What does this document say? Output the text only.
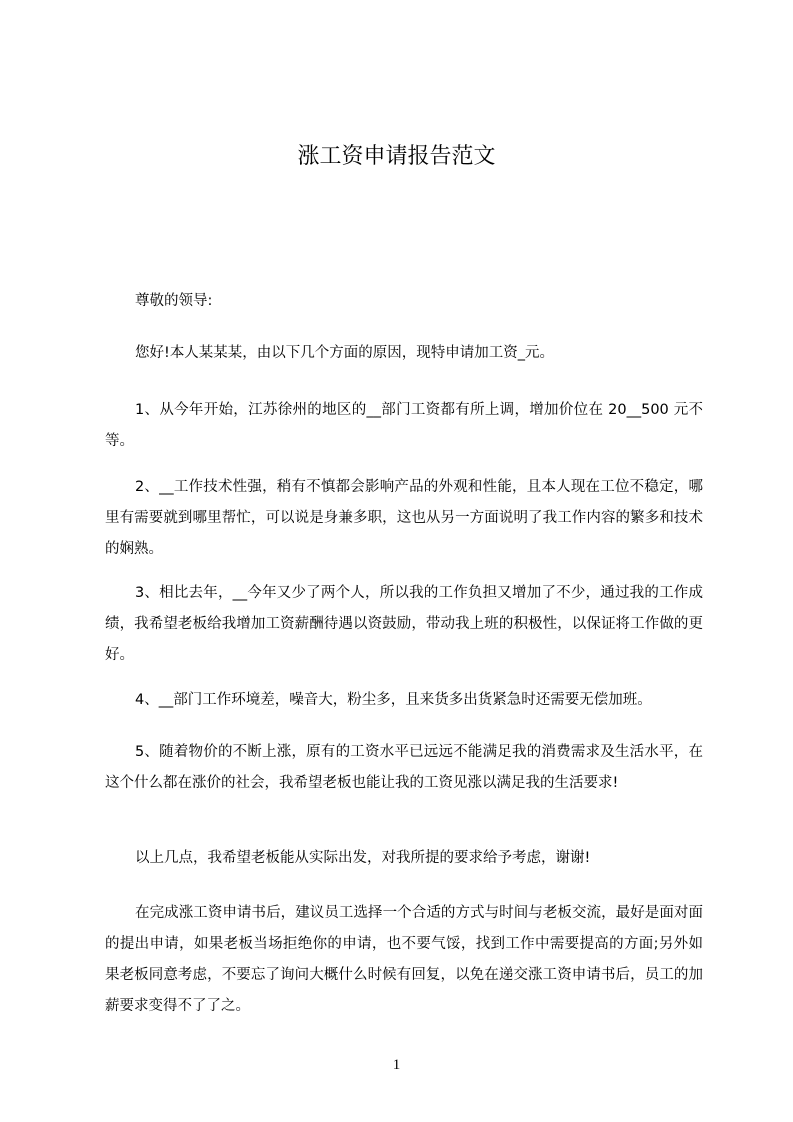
涨工资申请报告范文

尊敬的领导:

您好!本人某某某，由以下几个方面的原因，现特申请加工资_元。

1、从今年开始，江苏徐州的地区的__部门工资都有所上调，增加价位在 20__500 元不等。

2、__工作技术性强，稍有不慎都会影响产品的外观和性能，且本人现在工位不稳定，哪里有需要就到哪里帮忙，可以说是身兼多职，这也从另一方面说明了我工作内容的繁多和技术的娴熟。

3、相比去年，__今年又少了两个人，所以我的工作负担又增加了不少，通过我的工作成绩，我希望老板给我增加工资薪酬待遇以资鼓励，带动我上班的积极性，以保证将工作做的更好。

4、__部门工作环境差，噪音大，粉尘多，且来货多出货紧急时还需要无偿加班。

5、随着物价的不断上涨，原有的工资水平已远远不能满足我的消费需求及生活水平，在这个什么都在涨价的社会，我希望老板也能让我的工资见涨以满足我的生活要求!

以上几点，我希望老板能从实际出发，对我所提的要求给予考虑，谢谢!

在完成涨工资申请书后，建议员工选择一个合适的方式与时间与老板交流，最好是面对面的提出申请，如果老板当场拒绝你的申请，也不要气馁，找到工作中需要提高的方面;另外如果老板同意考虑，不要忘了询问大概什么时候有回复，以免在递交涨工资申请书后，员工的加薪要求变得不了了之。

1
